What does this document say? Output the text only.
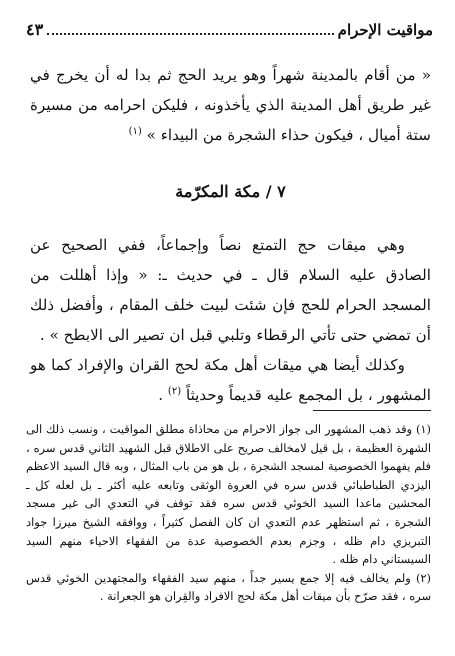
مواقيت الإحرام
٤٣

« من أقام بالمدينة شهراً وهو يريد الحج ثم بدا له أن يخرج في غير طريق أهل المدينة الذي يأخذونه ، فليكن احرامه من مسيرة ستة أميال ، فيكون حذاء الشجرة من البيداء » $^{(١)}$

٧ / مكة المكرّمة

وهي ميقات حج التمتع نصاً وإجماعاً، ففي الصحيح عن الصادق عليه السلام قال ـ في حديث ـ: « وإذا أهللت من المسجد الحرام للحج فإن شئت لبيت خلف المقام ، وأفضل ذلك أن تمضي حتى تأتي الرقطاء وتلبي قبل ان تصير الى الابطح » .

وكذلك أيضا هي ميقات أهل مكة لحج القران والإفراد كما هو المشهور ، بل المجمع عليه قديماً وحديثاً $^{(٢)}$ .

(١) وقد ذهب المشهور الى جواز الاحرام من محاذاة مطلق المواقيت ، ونسب ذلك الى الشهرة العظيمة ، بل قيل لامخالف صريح على الاطلاق قبل الشهيد الثاني قدس سره ، فلم يفهموا الخصوصية لمسجد الشجرة ، بل هو من باب المثال ، وبه قال السيد الاعظم اليزدي الطباطبائي قدس سره في العروة الوثقى وتابعه عليه أكثر ـ بل لعله كل ـ المحشين ماعدا السيد الخوئي قدس سره فقد توقف في التعدي الى غير مسجد الشجرة ، ثم استظهر عدم التعدي ان كان الفصل كثيراً ، ووافقه الشيخ ميرزا جواد التبريزي دام ظله ، وجزم بعدم الخصوصية عدة من الفقهاء الاحياء منهم السيد السيستاني دام ظله .

(٢) ولم يخالف فيه إلا جمع يسير جداً ، منهم سيد الفقهاء والمجتهدين الخوئي قدس سره ، فقد صرّح بأن ميقات أهل مكة لحج الافراد والقِران هو الجعرانة .
